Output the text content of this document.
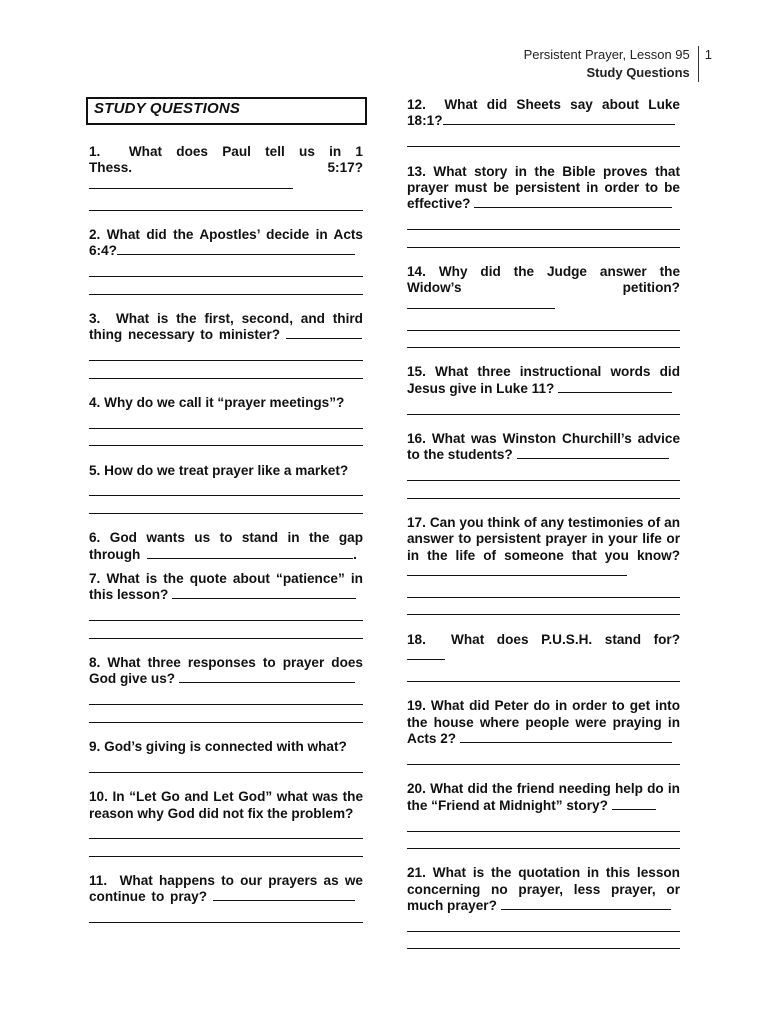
Persistent Prayer, Lesson 95
Study Questions
1
STUDY QUESTIONS
1. What does Paul tell us in 1 Thess. 5:17?
2. What did the Apostles’ decide in Acts 6:4?
3. What is the first, second, and third thing necessary to minister?
4. Why do we call it “prayer meetings”?
5. How do we treat prayer like a market?
6. God wants us to stand in the gap through	.
7. What is the quote about “patience” in this lesson?
8. What three responses to prayer does God give us?
9. God’s giving is connected with what?
10. In “Let Go and Let God” what was the reason why God did not fix the problem?
11. What happens to our prayers as we continue to pray?
12. What did Sheets say about Luke 18:1?
13. What story in the Bible proves that prayer must be persistent in order to be effective?
14. Why did the Judge answer the Widow’s petition?
15. What three instructional words did Jesus give in Luke 11?
16. What was Winston Churchill’s advice to the students?
17. Can you think of any testimonies of an answer to persistent prayer in your life or in the life of someone that you know?
18. What does P.U.S.H. stand for?
19. What did Peter do in order to get into the house where people were praying in Acts 2?
20. What did the friend needing help do in the “Friend at Midnight” story?
21. What is the quotation in this lesson concerning no prayer, less prayer, or much prayer?
